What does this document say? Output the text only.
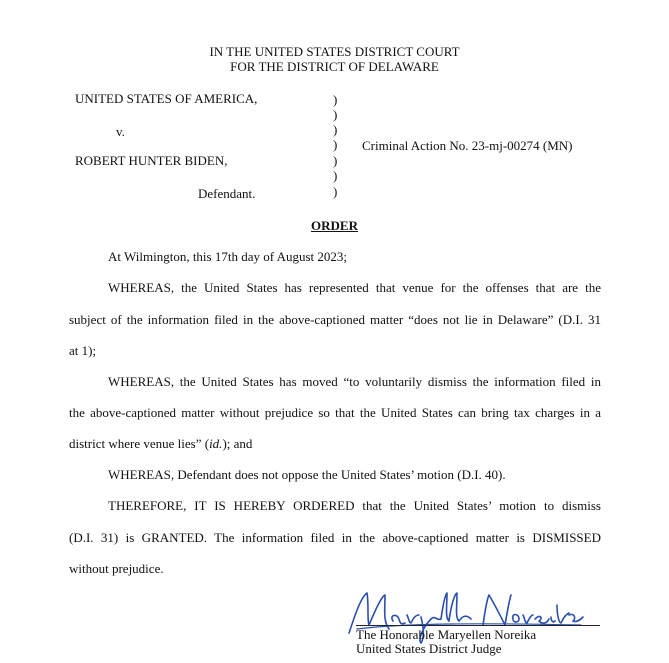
IN THE UNITED STATES DISTRICT COURT
FOR THE DISTRICT OF DELAWARE
UNITED STATES OF AMERICA,
v.
ROBERT HUNTER BIDEN,
Defendant.
)
)
)
)
)
)
)
Criminal Action No. 23-mj-00274 (MN)
ORDER
At Wilmington, this 17th day of August 2023;
WHEREAS, the United States has represented that venue for the offenses that are the
subject of the information filed in the above-captioned matter “does not lie in Delaware” (D.I. 31
at 1);
WHEREAS, the United States has moved “to voluntarily dismiss the information filed in
the above-captioned matter without prejudice so that the United States can bring tax charges in a
district where venue lies” (id.); and
WHEREAS, Defendant does not oppose the United States’ motion (D.I. 40).
THEREFORE, IT IS HEREBY ORDERED that the United States’ motion to dismiss
(D.I. 31) is GRANTED. The information filed in the above-captioned matter is DISMISSED
without prejudice.
The Honorable Maryellen Noreika
United States District Judge
